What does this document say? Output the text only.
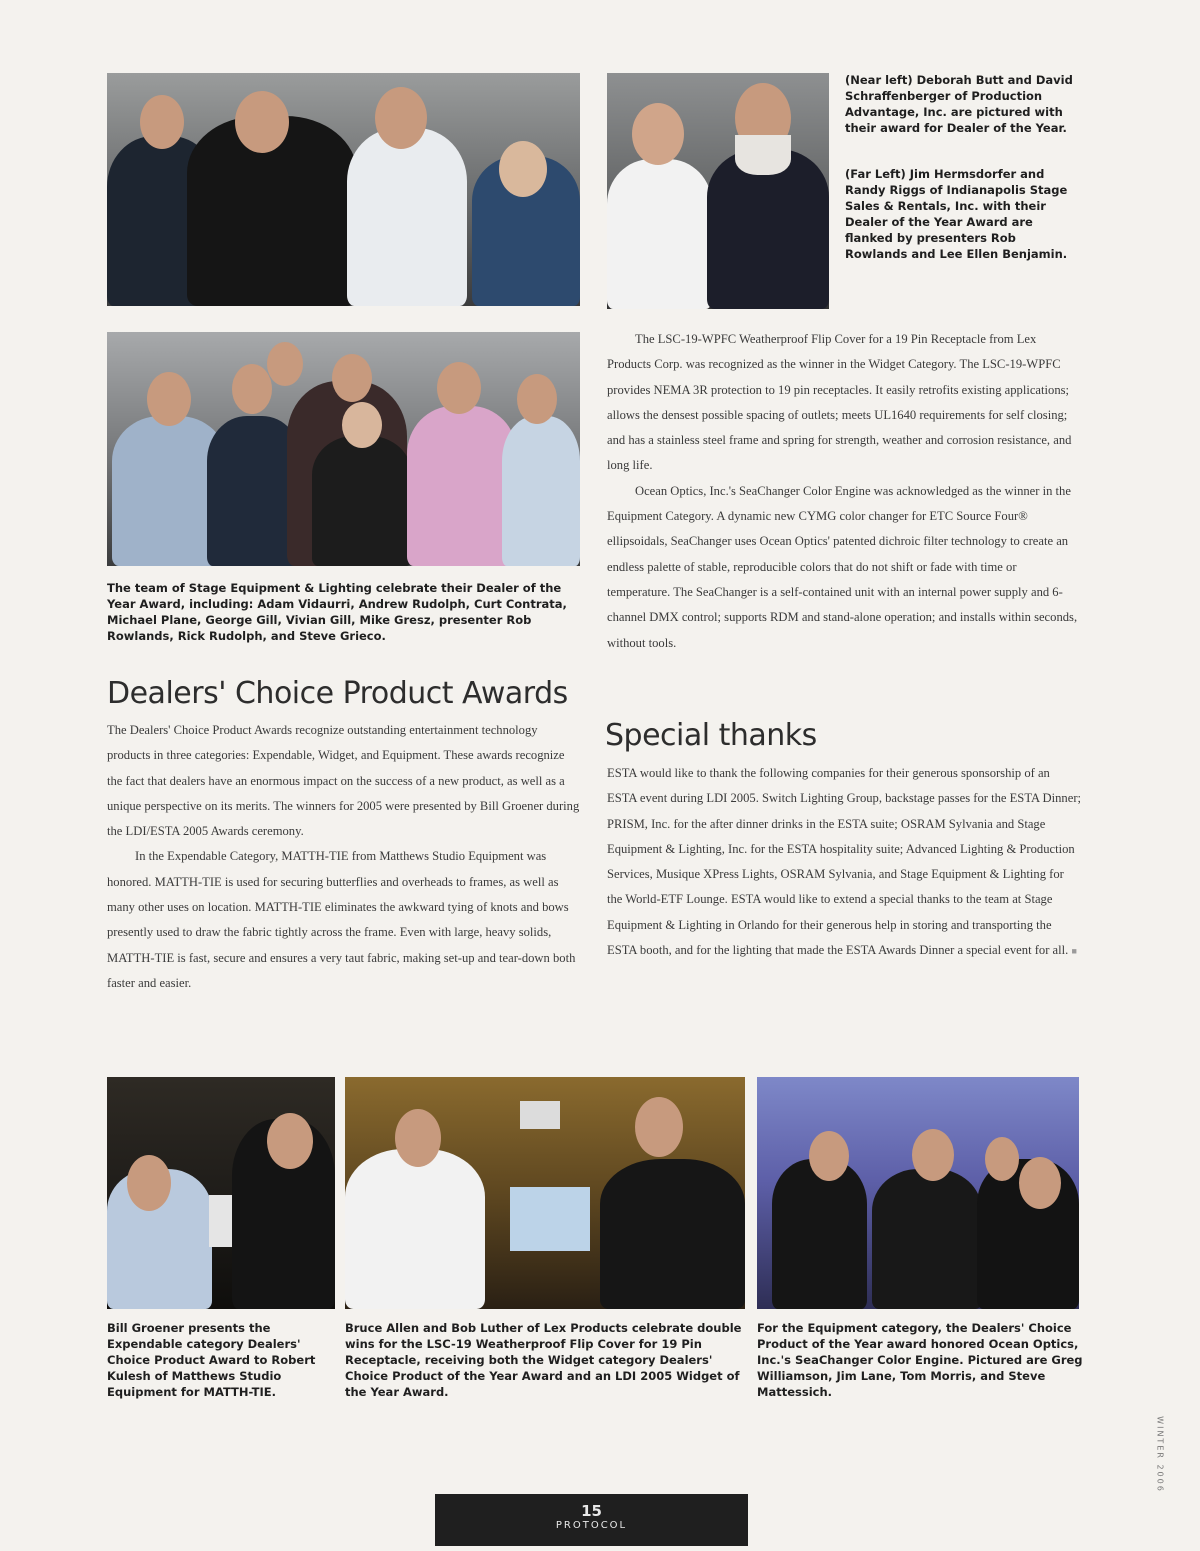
(Near left) Deborah Butt and David Schraffenberger of Production Advantage, Inc. are pictured with their award for Dealer of the Year.
(Far Left) Jim Hermsdorfer and Randy Riggs of Indianapolis Stage Sales & Rentals, Inc. with their Dealer of the Year Award are flanked by presenters Rob Rowlands and Lee Ellen Benjamin.
The team of Stage Equipment & Lighting celebrate their Dealer of the Year Award, including: Adam Vidaurri, Andrew Rudolph, Curt Contrata, Michael Plane, George Gill, Vivian Gill, Mike Gresz, presenter Rob Rowlands, Rick Rudolph, and Steve Grieco.
Dealers' Choice Product Awards

The Dealers' Choice Product Awards recognize outstanding entertainment technology products in three categories: Expendable, Widget, and Equipment. These awards recognize the fact that dealers have an enormous impact on the success of a new product, as well as a unique perspective on its merits. The winners for 2005 were presented by Bill Groener during the LDI/ESTA 2005 Awards ceremony.

In the Expendable Category, MATTH-TIE from Matthews Studio Equipment was honored. MATTH-TIE is used for securing butterflies and overheads to frames, as well as many other uses on location. MATTH-TIE eliminates the awkward tying of knots and bows presently used to draw the fabric tightly across the frame. Even with large, heavy solids, MATTH-TIE is fast, secure and ensures a very taut fabric, making set-up and tear-down both faster and easier.

The LSC-19-WPFC Weatherproof Flip Cover for a 19 Pin Receptacle from Lex Products Corp. was recognized as the winner in the Widget Category. The LSC-19-WPFC provides NEMA 3R protection to 19 pin receptacles. It easily retrofits existing applications; allows the densest possible spacing of outlets; meets UL1640 requirements for self closing; and has a stainless steel frame and spring for strength, weather and corrosion resistance, and long life.

Ocean Optics, Inc.'s SeaChanger Color Engine was acknowledged as the winner in the Equipment Category. A dynamic new CYMG color changer for ETC Source Four® ellipsoidals, SeaChanger uses Ocean Optics' patented dichroic filter technology to create an endless palette of stable, reproducible colors that do not shift or fade with time or temperature. The SeaChanger is a self-contained unit with an internal power supply and 6-channel DMX control; supports RDM and stand-alone operation; and installs within seconds, without tools.

Special thanks

ESTA would like to thank the following companies for their generous sponsorship of an ESTA event during LDI 2005. Switch Lighting Group, backstage passes for the ESTA Dinner; PRISM, Inc. for the after dinner drinks in the ESTA suite; OSRAM Sylvania and Stage Equipment & Lighting, Inc. for the ESTA hospitality suite; Advanced Lighting & Production Services, Musique XPress Lights, OSRAM Sylvania, and Stage Equipment & Lighting for the World-ETF Lounge. ESTA would like to extend a special thanks to the team at Stage Equipment & Lighting in Orlando for their generous help in storing and transporting the ESTA booth, and for the lighting that made the ESTA Awards Dinner a special event for all. ■

Bill Groener presents the Expendable category Dealers' Choice Product Award to Robert Kulesh of Matthews Studio Equipment for MATTH-TIE.
Bruce Allen and Bob Luther of Lex Products celebrate double wins for the LSC-19 Weatherproof Flip Cover for 19 Pin Receptacle, receiving both the Widget category Dealers' Choice Product of the Year Award and an LDI 2005 Widget of the Year Award.
For the Equipment category, the Dealers' Choice Product of the Year award honored Ocean Optics, Inc.'s SeaChanger Color Engine. Pictured are Greg Williamson, Jim Lane, Tom Morris, and Steve Mattessich.
WINTER 2006
15
PROTOCOL
